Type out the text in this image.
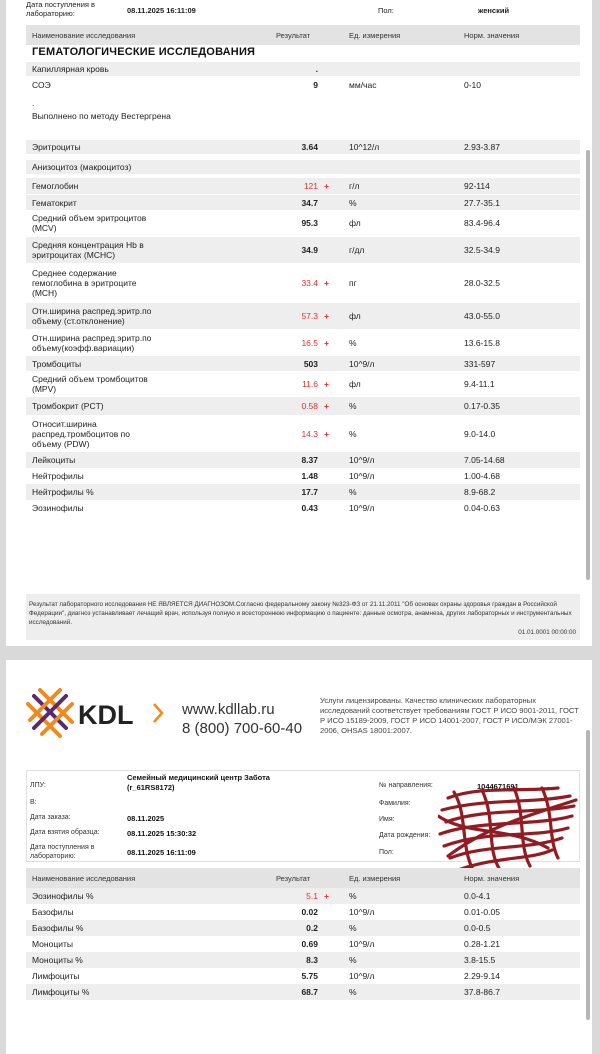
Дата поступления в
лабораторию:	08.11.2025 16:11:09	Пол:	женский
Наименование исследования	Результат	Ед. измерения	Норм. значения
ГЕМАТОЛОГИЧЕСКИЕ ИССЛЕДОВАНИЯ
Капиллярная кровь	.
СОЭ	9	мм/час	0-10
.
Выполнено по методу Вестергрена
Эритроциты	3.64	10^12/л	2.93-3.87
Анизоцитоз (макроцитоз)
Гемоглобин	121 + г/л	92-114
Гематокрит	34.7	%	27.7-35.1
Средний объем эритроцитов
(MCV)	95.3	фл	83.4-96.4
Средняя концентрация Hb в
эритроцитах (MCHC)	34.9	г/дл	32.5-34.9
Среднее содержание
гемоглобина в эритроците
(MCH)
33.4 + пг	28.0-32.5
Отн.ширина распред.эритр.по
объему (ст.отклонение)	57.3 + фл	43.0-55.0
Отн.ширина распред.эритр.по
объему(коэфф.вариации)	16.5 + %	13.6-15.8
Тромбоциты	503	10^9/л	331-597
Средний объем тромбоцитов
(MPV)	11.6 + фл	9.4-11.1
Тромбокрит (PCT)	0.58 + %	0.17-0.35
Относит.ширина
распред.тромбоцитов по
объему (PDW)
14.3 + %	9.0-14.0
Лейкоциты	8.37	10^9/л	7.05-14.68
Нейтрофилы	1.48	10^9/л	1.00-4.68
Нейтрофилы %	17.7	%	8.9-68.2
Эозинофилы	0.43	10^9/л	0.04-0.63
Результат лабораторного исследования НЕ ЯВЛЯЕТСЯ ДИАГНОЗОМ.Согласно федеральному закону №323-ФЗ от 21.11.2011 "Об основах охраны здоровья граждан в Российской Федерации", диагноз устанавливает лечащий врач, используя полную и всестороннюю информацию о пациенте: данные осмотра, анамнеза, других лабораторных и инструментальных исследований.
01.01.0001 00:00:00
KDL	www.kdllab.ru
8 (800) 700-60-40
Услуги лицензированы. Качество клинических лабораторных исследований соответствует требованиям ГОСТ Р ИСО 9001-2011, ГОСТ Р ИСО 15189-2009, ГОСТ Р ИСО 14001-2007, ГОСТ Р ИСО/МЭК 27001-2006, OHSAS 18001:2007.
ЛПУ:
Семейный медицинский центр Забота
(r_61RS8172)
В:
Дата заказа:	08.11.2025
Дата взятия образца:	08.11.2025 15:30:32
Дата поступления в
лабораторию:	08.11.2025 16:11:09
№ направления:	1044671691
Фамилия:
Имя:
Дата рождения:
Пол:
Наименование исследования	Результат	Ед. измерения	Норм. значения
Эозинофилы %	5.1 + %	0.0-4.1
Базофилы	0.02	10^9/л	0.01-0.05
Базофилы %	0.2	%	0.0-0.5
Моноциты	0.69	10^9/л	0.28-1.21
Моноциты %	8.3	%	3.8-15.5
Лимфоциты	5.75	10^9/л	2.29-9.14
Лимфоциты %	68.7	%	37.8-86.7
